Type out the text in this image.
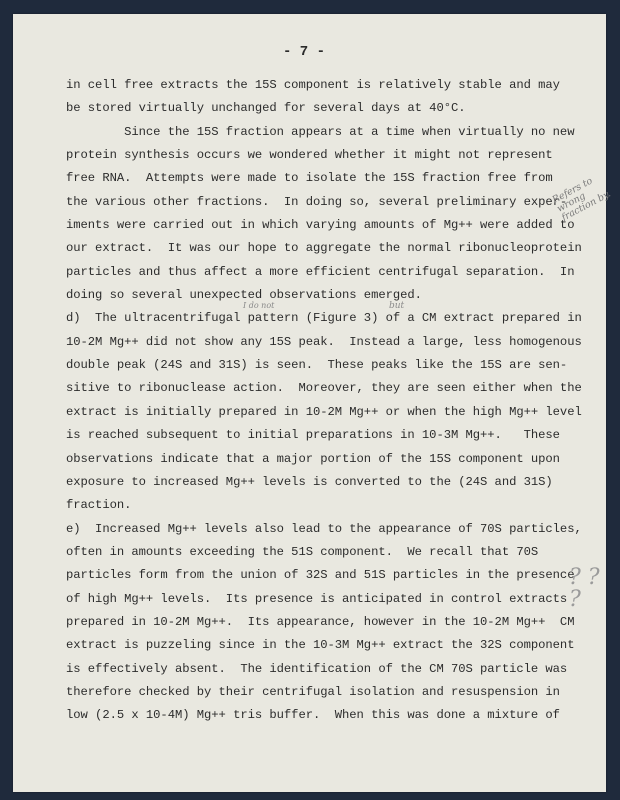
- 7 -
in cell free extracts the 15S component is relatively stable and may
be stored virtually unchanged for several days at 40°C.
Since the 15S fraction appears at a time when virtually no new
protein synthesis occurs we wondered whether it might not represent
free RNA.  Attempts were made to isolate the 15S fraction free from
the various other fractions.  In doing so, several preliminary exper-
iments were carried out in which varying amounts of Mg++ were added to
our extract.  It was our hope to aggregate the normal ribonucleoprotein
particles and thus affect a more efficient centrifugal separation.  In
doing so several unexpected observations emerged.
d)  The ultracentrifugal pattern (Figure 3) of a CM extract prepared in
10-2M Mg++ did not show any 15S peak.  Instead a large, less homogenous
double peak (24S and 31S) is seen.  These peaks like the 15S are sen-
sitive to ribonuclease action.  Moreover, they are seen either when the
extract is initially prepared in 10-2M Mg++ or when the high Mg++ level
is reached subsequent to initial preparations in 10-3M Mg++.   These
observations indicate that a major portion of the 15S component upon
exposure to increased Mg++ levels is converted to the (24S and 31S)
fraction.
e)  Increased Mg++ levels also lead to the appearance of 70S particles,
often in amounts exceeding the 51S component.  We recall that 70S
particles form from the union of 32S and 51S particles in the presence
of high Mg++ levels.  Its presence is anticipated in control extracts
prepared in 10-2M Mg++.  Its appearance, however in the 10-2M Mg++  CM
extract is puzzeling since in the 10-3M Mg++ extract the 32S component
is effectively absent.  The identification of the CM 70S particle was
therefore checked by their centrifugal isolation and resuspension in
low (2.5 x 10-4M) Mg++ tris buffer.  When this was done a mixture of
Refers to wrong fraction by.
I do not	but
? ? ?
